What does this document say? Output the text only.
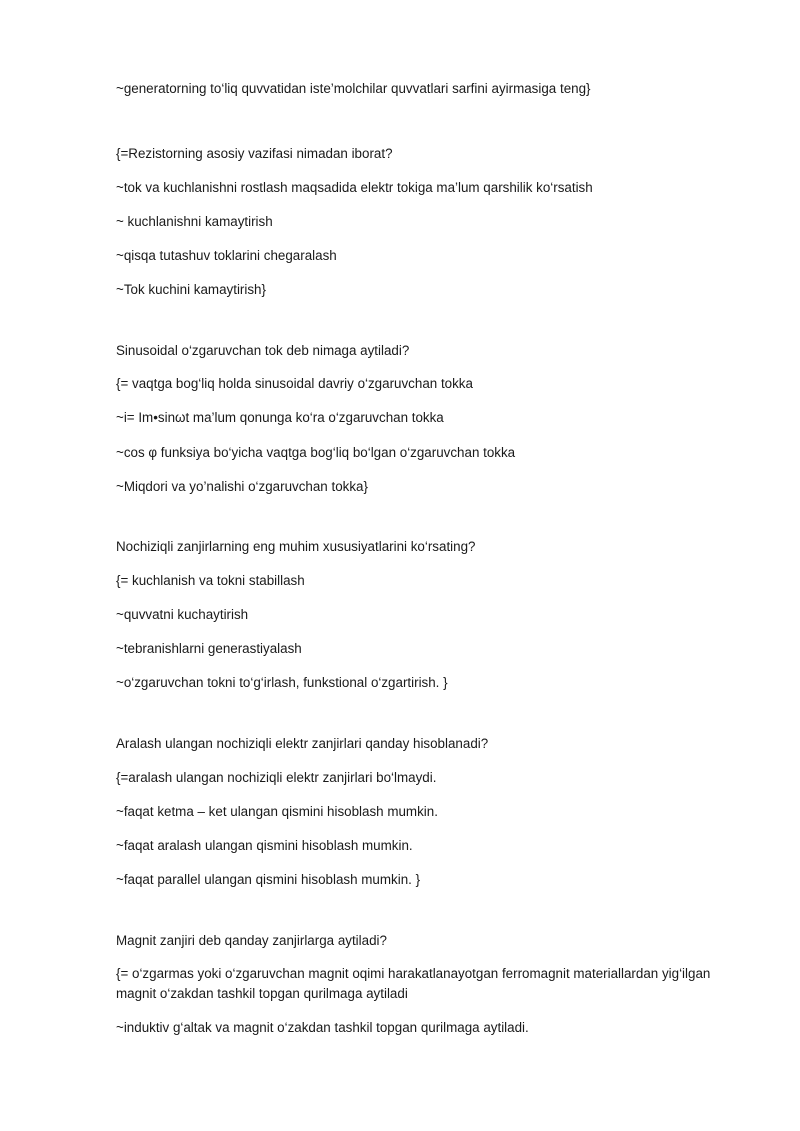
~generatorning to‘liq quvvatidan iste’molchilar quvvatlari sarfini ayirmasiga teng}
{=Rezistorning asosiy vazifasi nimadan iborat?
~tok va kuchlanishni rostlash maqsadida elektr tokiga ma’lum qarshilik ko‘rsatish
~ kuchlanishni kamaytirish
~qisqa tutashuv toklarini chegaralash
~Tok kuchini kamaytirish}
Sinusoidal o‘zgaruvchan tok deb nimaga aytiladi?
{= vaqtga bog‘liq holda sinusoidal davriy o‘zgaruvchan tokka
~i= Im•sinωt ma’lum qonunga ko‘ra o‘zgaruvchan tokka
~cos φ funksiya bo‘yicha vaqtga bog‘liq bo‘lgan o‘zgaruvchan tokka
~Miqdori va yo’nalishi o‘zgaruvchan tokka}
Nochiziqli zanjirlarning eng muhim xususiyatlarini ko‘rsating?
{= kuchlanish va tokni stabillash
~quvvatni kuchaytirish
~tebranishlarni generastiyalash
~o‘zgaruvchan tokni to‘g‘irlash, funkstional o‘zgartirish. }
Aralash ulangan nochiziqli elektr zanjirlari qanday hisoblanadi?
{=aralash ulangan nochiziqli elektr zanjirlari bo‘lmaydi.
~faqat ketma – ket ulangan qismini hisoblash mumkin.
~faqat aralash ulangan qismini hisoblash mumkin.
~faqat parallel ulangan qismini hisoblash mumkin. }
Magnit zanjiri deb qanday zanjirlarga aytiladi?
{= o‘zgarmas yoki o‘zgaruvchan magnit oqimi harakatlanayotgan ferromagnit materiallardan yig‘ilgan magnit o‘zakdan tashkil topgan qurilmaga aytiladi
~induktiv g‘altak va magnit o‘zakdan tashkil topgan qurilmaga aytiladi.
